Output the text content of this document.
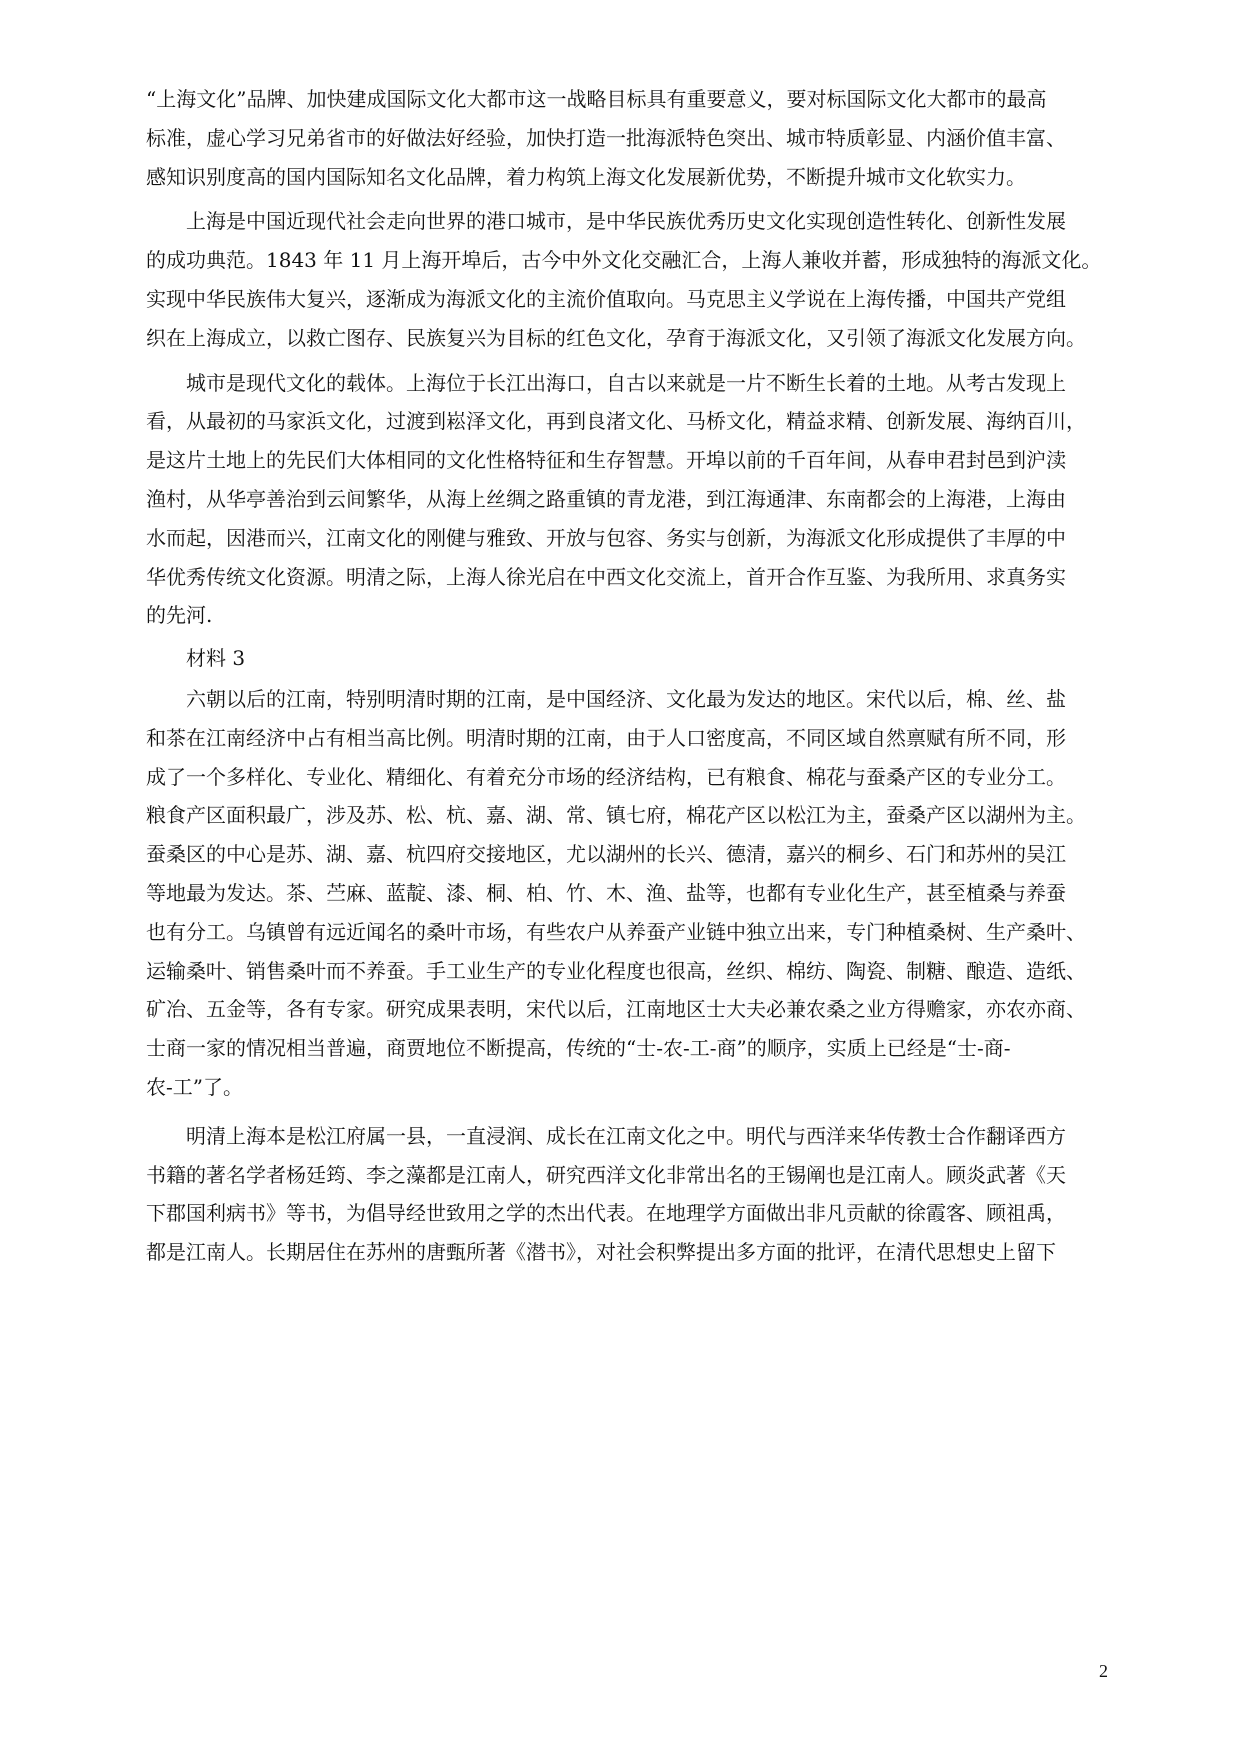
“上海文化”品牌、加快建成国际文化大都市这一战略目标具有重要意义，要对标国际文化大都市的最高
标准，虚心学习兄弟省市的好做法好经验，加快打造一批海派特色突出、城市特质彰显、内涵价值丰富、
感知识别度高的国内国际知名文化品牌，着力构筑上海文化发展新优势，不断提升城市文化软实力。

上海是中国近现代社会走向世界的港口城市，是中华民族优秀历史文化实现创造性转化、创新性发展
的成功典范。1843 年 11 月上海开埠后，古今中外文化交融汇合，上海人兼收并蓄，形成独特的海派文化。
实现中华民族伟大复兴，逐渐成为海派文化的主流价值取向。马克思主义学说在上海传播，中国共产党组
织在上海成立，以救亡图存、民族复兴为目标的红色文化，孕育于海派文化，又引领了海派文化发展方向。

城市是现代文化的载体。上海位于长江出海口，自古以来就是一片不断生长着的土地。从考古发现上
看，从最初的马家浜文化，过渡到崧泽文化，再到良渚文化、马桥文化，精益求精、创新发展、海纳百川，
是这片土地上的先民们大体相同的文化性格特征和生存智慧。开埠以前的千百年间，从春申君封邑到沪渎
渔村，从华亭善治到云间繁华，从海上丝绸之路重镇的青龙港，到江海通津、东南都会的上海港，上海由
水而起，因港而兴，江南文化的刚健与雅致、开放与包容、务实与创新，为海派文化形成提供了丰厚的中
华优秀传统文化资源。明清之际，上海人徐光启在中西文化交流上，首开合作互鉴、为我所用、求真务实
的先河.

材料 3

六朝以后的江南，特别明清时期的江南，是中国经济、文化最为发达的地区。宋代以后，棉、丝、盐
和茶在江南经济中占有相当高比例。明清时期的江南，由于人口密度高，不同区域自然禀赋有所不同，形
成了一个多样化、专业化、精细化、有着充分市场的经济结构，已有粮食、棉花与蚕桑产区的专业分工。
粮食产区面积最广，涉及苏、松、杭、嘉、湖、常、镇七府，棉花产区以松江为主，蚕桑产区以湖州为主。
蚕桑区的中心是苏、湖、嘉、杭四府交接地区，尤以湖州的长兴、德清，嘉兴的桐乡、石门和苏州的吴江
等地最为发达。茶、苎麻、蓝靛、漆、桐、柏、竹、木、渔、盐等，也都有专业化生产，甚至植桑与养蚕
也有分工。乌镇曾有远近闻名的桑叶市场，有些农户从养蚕产业链中独立出来，专门种植桑树、生产桑叶、
运输桑叶、销售桑叶而不养蚕。手工业生产的专业化程度也很高，丝织、棉纺、陶瓷、制糖、酿造、造纸、
矿冶、五金等，各有专家。研究成果表明，宋代以后，江南地区士大夫必兼农桑之业方得赡家，亦农亦商、
士商一家的情况相当普遍，商贾地位不断提高，传统的“士-农-工-商”的顺序，实质上已经是“士-商-
农-工”了。

明清上海本是松江府属一县，一直浸润、成长在江南文化之中。明代与西洋来华传教士合作翻译西方
书籍的著名学者杨廷筠、李之藻都是江南人，研究西洋文化非常出名的王锡阐也是江南人。顾炎武著《天
下郡国利病书》等书，为倡导经世致用之学的杰出代表。在地理学方面做出非凡贡献的徐霞客、顾祖禹，
都是江南人。长期居住在苏州的唐甄所著《潜书》，对社会积弊提出多方面的批评，在清代思想史上留下

2
